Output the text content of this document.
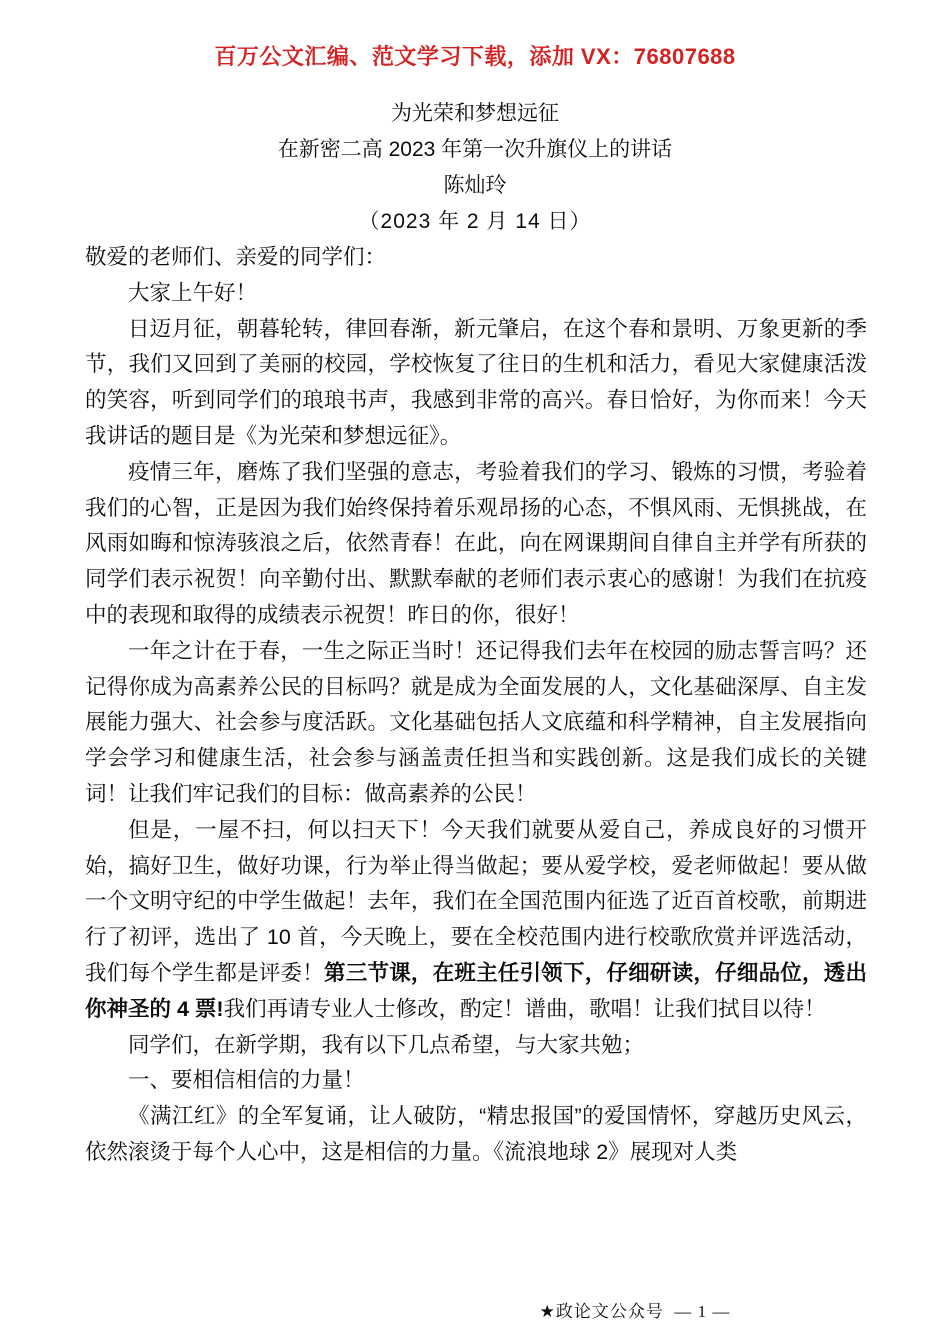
百万公文汇编、范文学习下载，添加 VX：76807688
为光荣和梦想远征
在新密二高 2023 年第一次升旗仪上的讲话
陈灿玲
（2023 年 2 月 14 日）

敬爱的老师们、亲爱的同学们：

大家上午好！

日迈月征，朝暮轮转，律回春渐，新元肇启，在这个春和景明、万象更新的季节，我们又回到了美丽的校园，学校恢复了往日的生机和活力，看见大家健康活泼的笑容，听到同学们的琅琅书声，我感到非常的高兴。春日恰好，为你而来！今天我讲话的题目是《为光荣和梦想远征》。

疫情三年，磨炼了我们坚强的意志，考验着我们的学习、锻炼的习惯，考验着我们的心智，正是因为我们始终保持着乐观昂扬的心态，不惧风雨、无惧挑战，在风雨如晦和惊涛骇浪之后，依然青春！在此，向在网课期间自律自主并学有所获的同学们表示祝贺！向辛勤付出、默默奉献的老师们表示衷心的感谢！为我们在抗疫中的表现和取得的成绩表示祝贺！昨日的你，很好！

一年之计在于春，一生之际正当时！还记得我们去年在校园的励志誓言吗？还记得你成为高素养公民的目标吗？就是成为全面发展的人，文化基础深厚、自主发展能力强大、社会参与度活跃。文化基础包括人文底蕴和科学精神，自主发展指向学会学习和健康生活，社会参与涵盖责任担当和实践创新。这是我们成长的关键词！让我们牢记我们的目标：做高素养的公民！

但是，一屋不扫，何以扫天下！今天我们就要从爱自己，养成良好的习惯开始，搞好卫生，做好功课，行为举止得当做起；要从爱学校，爱老师做起！要从做一个文明守纪的中学生做起！去年，我们在全国范围内征选了近百首校歌，前期进行了初评，选出了 10 首，今天晚上，要在全校范围内进行校歌欣赏并评选活动，我们每个学生都是评委！第三节课，在班主任引领下，仔细研读，仔细品位，透出你神圣的 4 票!我们再请专业人士修改，酌定！谱曲，歌唱！让我们拭目以待！

同学们，在新学期，我有以下几点希望，与大家共勉；

一、要相信相信的力量！

《满江红》的全军复诵，让人破防，“精忠报国”的爱国情怀，穿越历史风云，依然滚烫于每个人心中，这是相信的力量。《流浪地球 2》展现对人类

★政论文公众号 — 1 —
